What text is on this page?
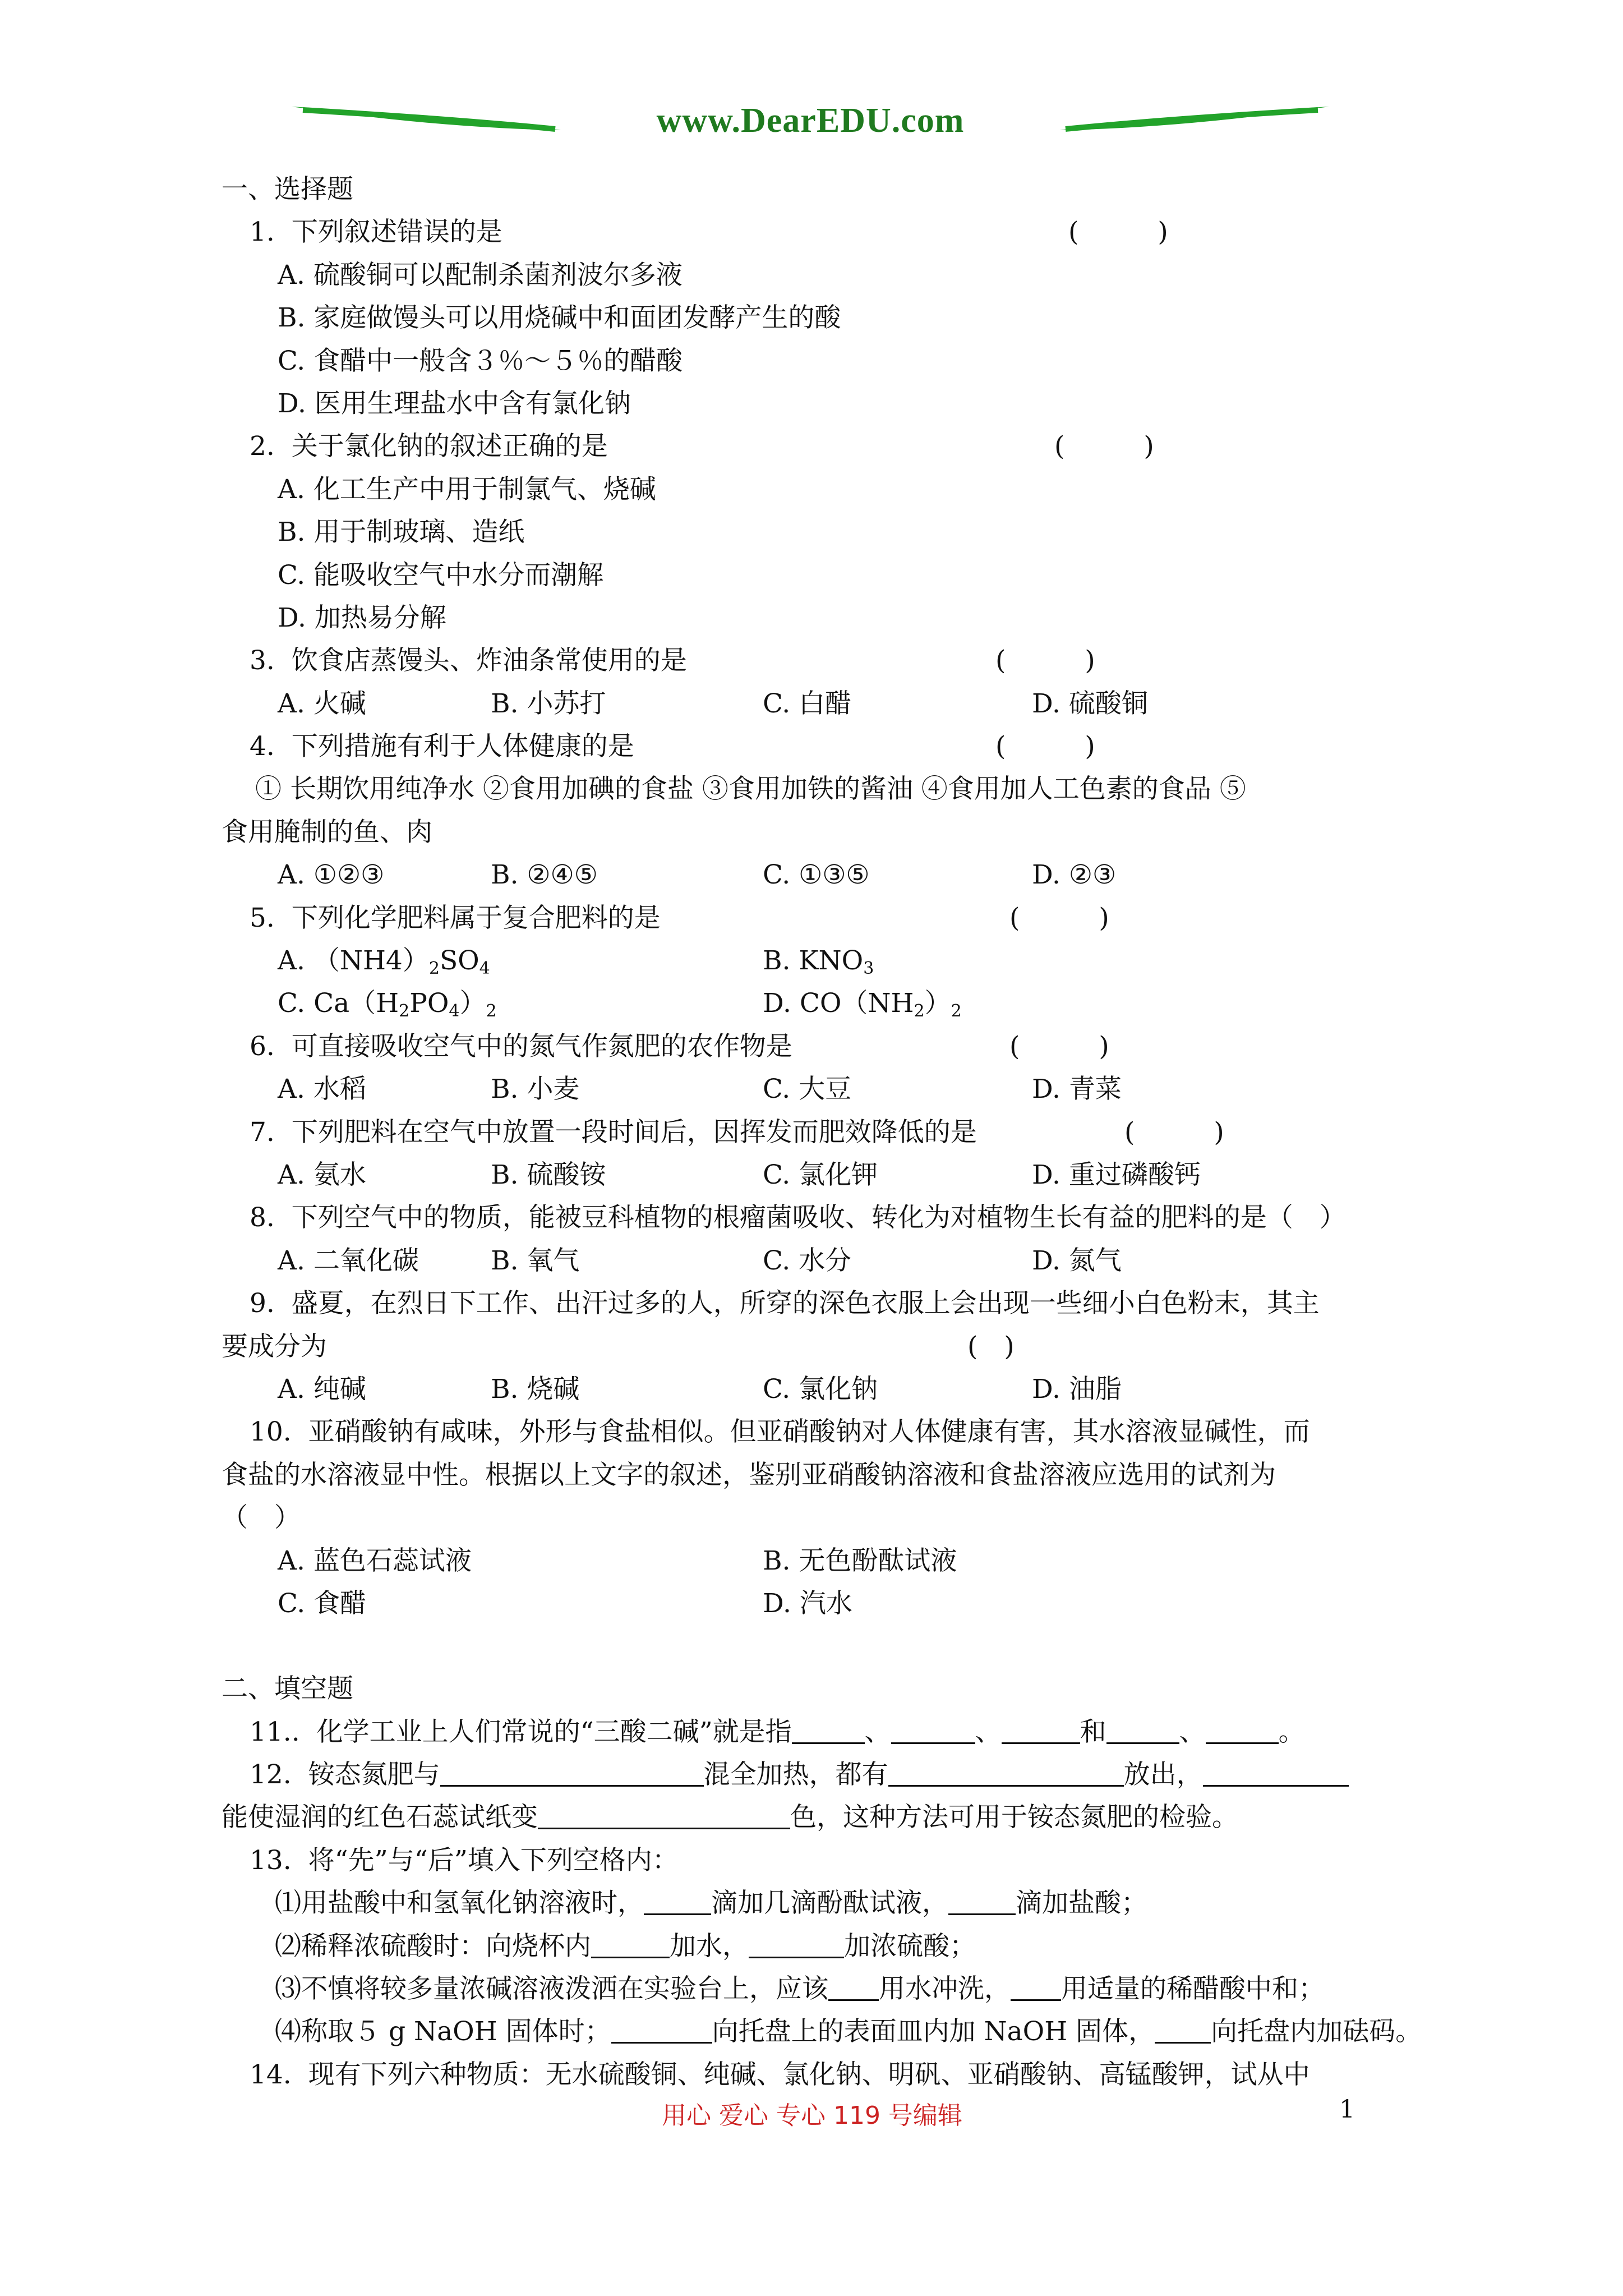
www.DearEDU.com
一、选择题
1. 下列叙述错误的是	(　　　)
A. 硫酸铜可以配制杀菌剂波尔多液
B. 家庭做馒头可以用烧碱中和面团发酵产生的酸
C. 食醋中一般含３％～５％的醋酸
D. 医用生理盐水中含有氯化钠
2. 关于氯化钠的叙述正确的是	(　　　)
A. 化工生产中用于制氯气、烧碱
B. 用于制玻璃、造纸
C. 能吸收空气中水分而潮解
D. 加热易分解
3. 饮食店蒸馒头、炸油条常使用的是	(　　　)
A. 火碱	B. 小苏打	C. 白醋	D. 硫酸铜
4. 下列措施有利于人体健康的是	(　　　)
① 长期饮用纯净水 ②食用加碘的食盐 ③食用加铁的酱油 ④食用加人工色素的食品 ⑤
食用腌制的鱼、肉
A. ①②③	B. ②④⑤	C. ①③⑤	D. ②③
5. 下列化学肥料属于复合肥料的是	(　　　)
A. $(NH4)_2SO_4$	B. $KNO_3$
C. $Ca(H_2PO_4)_2$	D. $CO(NH_2)_2$
6. 可直接吸收空气中的氮气作氮肥的农作物是	(　　　)
A. 水稻	B. 小麦	C. 大豆	D. 青菜
7. 下列肥料在空气中放置一段时间后，因挥发而肥效降低的是	(　　　)
A. 氨水	B. 硫酸铵	C. 氯化钾	D. 重过磷酸钙
8. 下列空气中的物质，能被豆科植物的根瘤菌吸收、转化为对植物生长有益的肥料的是（　）
A. 二氧化碳	B. 氧气	C. 水分	D. 氮气
9. 盛夏，在烈日下工作、出汗过多的人，所穿的深色衣服上会出现一些细小白色粉末，其主
要成分为	(　)
A. 纯碱	B. 烧碱	C. 氯化钠	D. 油脂
10. 亚硝酸钠有咸味，外形与食盐相似。但亚硝酸钠对人体健康有害，其水溶液显碱性，而
食盐的水溶液显中性。根据以上文字的叙述，鉴别亚硝酸钠溶液和食盐溶液应选用的试剂为
（　）
A. 蓝色石蕊试液	B. 无色酚酞试液
C. 食醋	D. 汽水
二、填空题
11.. 化学工业上人们常说的“三酸二碱”就是指	、	、	和	、	。
12. 铵态氮肥与	混全加热，都有	放出，
能使湿润的红色石蕊试纸变	色，这种方法可用于铵态氮肥的检验。
13. 将“先”与“后”填入下列空格内：
⑴用盐酸中和氢氧化钠溶液时，	滴加几滴酚酞试液，	滴加盐酸；
⑵稀释浓硫酸时：向烧杯内	加水，	加浓硫酸；
⑶不慎将较多量浓碱溶液泼洒在实验台上，应该 用水冲洗， 用适量的稀醋酸中和；
⑷称取５ g NaOH 固体时；	向托盘上的表面皿内加 NaOH 固体， 向托盘内加砝码。
14. 现有下列六种物质：无水硫酸铜、纯碱、氯化钠、明矾、亚硝酸钠、高锰酸钾，试从中
用心 爱心 专心 119 号编辑	1
